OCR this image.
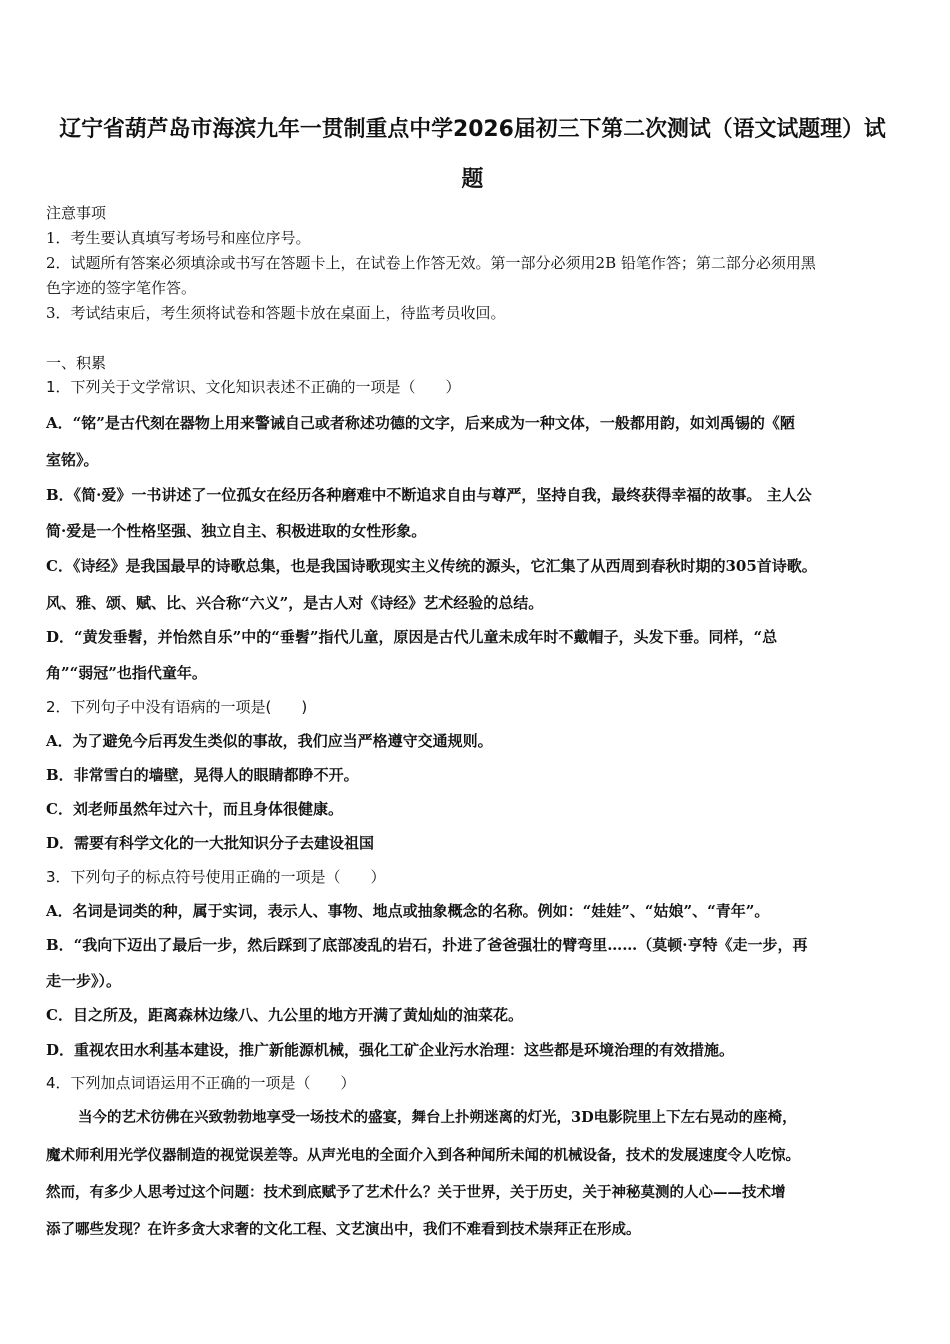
辽宁省葫芦岛市海滨九年一贯制重点中学2026届初三下第二次测试（语文试题理）试
题
注意事项
1．考生要认真填写考场号和座位序号。
2．试题所有答案必须填涂或书写在答题卡上，在试卷上作答无效。第一部分必须用2B 铅笔作答；第二部分必须用黑
色字迹的签字笔作答。
3．考试结束后，考生须将试卷和答题卡放在桌面上，待监考员收回。
一、积累
1．下列关于文学常识、文化知识表述不正确的一项是（　　）
A．“铭”是古代刻在器物上用来警诫自己或者称述功德的文字，后来成为一种文体，一般都用韵，如刘禹锡的《陋
室铭》。
B．《简·爱》一书讲述了一位孤女在经历各种磨难中不断追求自由与尊严，坚持自我，最终获得幸福的故事。 主人公
简·爱是一个性格坚强、独立自主、积极进取的女性形象。
C．《诗经》是我国最早的诗歌总集，也是我国诗歌现实主义传统的源头，它汇集了从西周到春秋时期的305首诗歌。
风、雅、颂、赋、比、兴合称“六义”，是古人对《诗经》艺术经验的总结。
D．“黄发垂髫，并怡然自乐”中的“垂髫”指代儿童，原因是古代儿童未成年时不戴帽子，头发下垂。同样，“总
角”“弱冠”也指代童年。
2．下列句子中没有语病的一项是(　　)
A．为了避免今后再发生类似的事故，我们应当严格遵守交通规则。
B．非常雪白的墙壁，晃得人的眼睛都睁不开。
C．刘老师虽然年过六十，而且身体很健康。
D．需要有科学文化的一大批知识分子去建设祖国
3．下列句子的标点符号使用正确的一项是（　　）
A．名词是词类的种，属于实词，表示人、事物、地点或抽象概念的名称。例如：“娃娃”、“姑娘”、“青年”。
B．“我向下迈出了最后一步，然后踩到了底部凌乱的岩石，扑进了爸爸强壮的臂弯里……（莫顿·亨特《走一步，再
走一步》）。
C．目之所及，距离森林边缘八、九公里的地方开满了黄灿灿的油菜花。
D．重视农田水利基本建设，推广新能源机械，强化工矿企业污水治理：这些都是环境治理的有效措施。
4．下列加点词语运用不正确的一项是（　　）
当今的艺术彷佛在兴致勃勃地享受一场技术的盛宴，舞台上扑朔迷离的灯光，3D电影院里上下左右晃动的座椅，
魔术师利用光学仪器制造的视觉误差等。从声光电的全面介入到各种闻所未闻的机械设备，技术的发展速度令人吃惊。
然而，有多少人思考过这个问题：技术到底赋予了艺术什么？关于世界，关于历史，关于神秘莫测的人心——技术增
添了哪些发现？在许多贪大求奢的文化工程、文艺演出中，我们不难看到技术崇拜正在形成。
